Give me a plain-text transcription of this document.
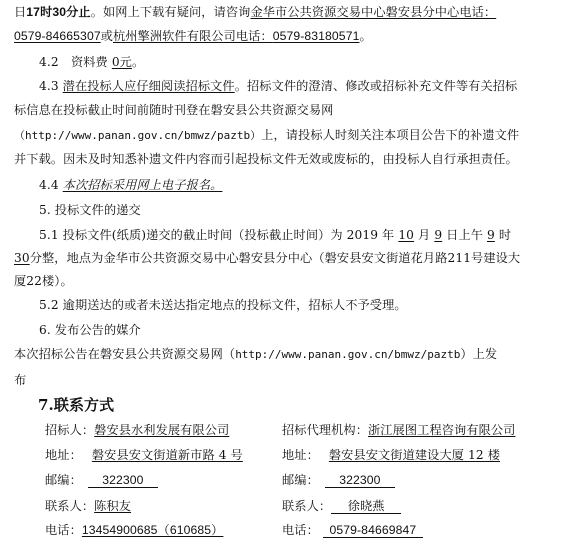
日17时30分止。如网上下载有疑问，请咨询金华市公共资源交易中心磐安县分中心电话：
0579-84665307或杭州擎洲软件有限公司电话：0579-83180571。
4.2　资料费 0元。
4.3 潜在投标人应仔细阅读招标文件。招标文件的澄清、修改或招标补充文件等有关招标
标信息在投标截止时间前随时刊登在磐安县公共资源交易网
（http://www.panan.gov.cn/bmwz/paztb）上，请投标人时刻关注本项目公告下的补遗文件
并下载。因未及时知悉补遗文件内容而引起投标文件无效或废标的，由投标人自行承担责任。
4.4 本次招标采用网上电子报名。
5. 投标文件的递交
5.1 投标文件(纸质)递交的截止时间（投标截止时间）为 2019 年 10 月 9 日上午 9 时
30分整，地点为金华市公共资源交易中心磐安县分中心（磐安县安文街道花月路211号建设大
厦22楼）。
5.2 逾期送达的或者未送达指定地点的投标文件，招标人不予受理。
6. 发布公告的媒介
本次招标公告在磐安县公共资源交易网（http://www.panan.gov.cn/bmwz/paztb）上发
布
7.联系方式
招标人：磐安县水利发展有限公司
地址： 磐安县安文街道新市路 4 号
邮编： 322300
联系人：陈积友
电话：13454900685（610685）
招标代理机构：浙江展图工程咨询有限公司
地址： 磐安县安文街道建设大厦 12 楼
邮编： 322300
联系人： 徐晓燕
电话： 0579-84669847
